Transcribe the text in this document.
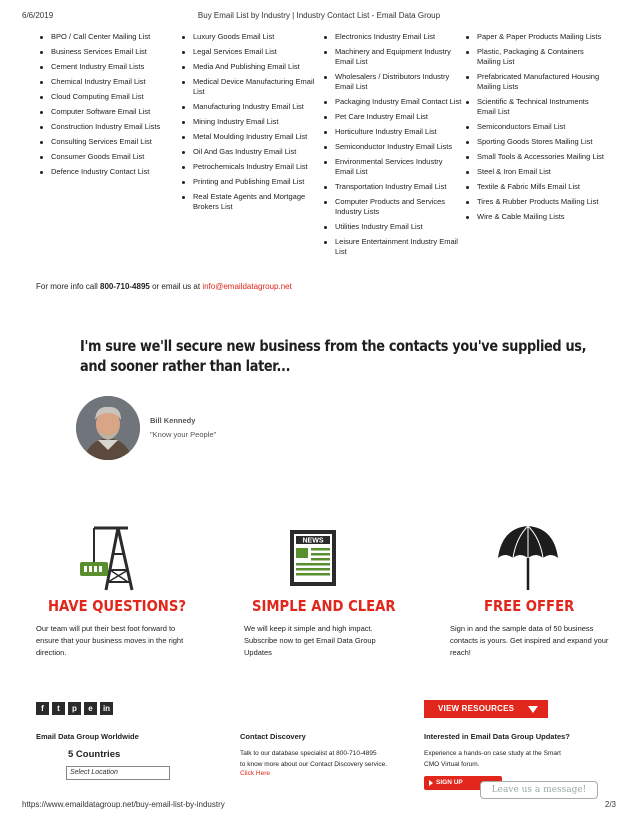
6/6/2019	Buy Email List by Industry | Industry Contact List - Email Data Group
BPO / Call Center Mailing List
Business Services Email List
Cement Industry Email Lists
Chemical Industry Email List
Cloud Computing Email List
Computer Software Email List
Construction Industry Email Lists
Consulting Services Email List
Consumer Goods Email List
Defence Industry Contact List
Luxury Goods Email List
Legal Services Email List
Media And Publishing Email List
Medical Device Manufacturing Email List
Manufacturing Industry Email List
Mining Industry Email List
Metal Moulding Industry Email List
Oil And Gas Industry Email List
Petrochemicals Industry Email List
Printing and Publishing Email List
Real Estate Agents and Mortgage Brokers List
Electronics Industry Email List
Machinery and Equipment Industry Email List
Wholesalers / Distributors Industry Email List
Packaging Industry Email Contact List
Pet Care Industry Email List
Horticulture Industry Email List
Semiconductor Industry Email Lists
Environmental Services Industry Email List
Transportation Industry Email List
Computer Products and Services Industry Lists
Utilities Industry Email List
Leisure Entertainment Industry Email List
Paper & Paper Products Mailing Lists
Plastic, Packaging & Containers Mailing List
Prefabricated Manufactured Housing Mailing Lists
Scientific & Technical Instruments Email List
Semiconductors Email List
Sporting Goods Stores Mailing List
Small Tools & Accessories Mailing List
Steel & Iron Email List
Textile & Fabric Mills Email List
Tires & Rubber Products Mailing List
Wire & Cable Mailing Lists
For more info call 800-710-4895 or email us at info@emaildatagroup.net
I'm sure we'll secure new business from the contacts you've supplied us, and sooner rather than later...
Bill Kennedy
"Know your People"
NEWS
HAVE QUESTIONS?	SIMPLE AND CLEAR	FREE OFFER
Our team will put their best foot forward to ensure that your business moves in the right direction.
We will keep it simple and high impact. Subscribe now to get Email Data Group Updates
Sign in and the sample data of 50 business contacts is yours. Get inspired and expand your reach!
f	t	p	e	in	VIEW RESOURCES
Email Data Group Worldwide	Contact Discovery	Interested in Email Data Group Updates?
5 Countries
Select Location
Talk to our database specialist at 800-710-4895
to know more about our Contact Discovery service.
Click Here
Experience a hands-on case study at the Smart
CMO Virtual forum.
SIGN UP
Leave us a message!
https://www.emaildatagroup.net/buy-email-list-by-industry	2/3
